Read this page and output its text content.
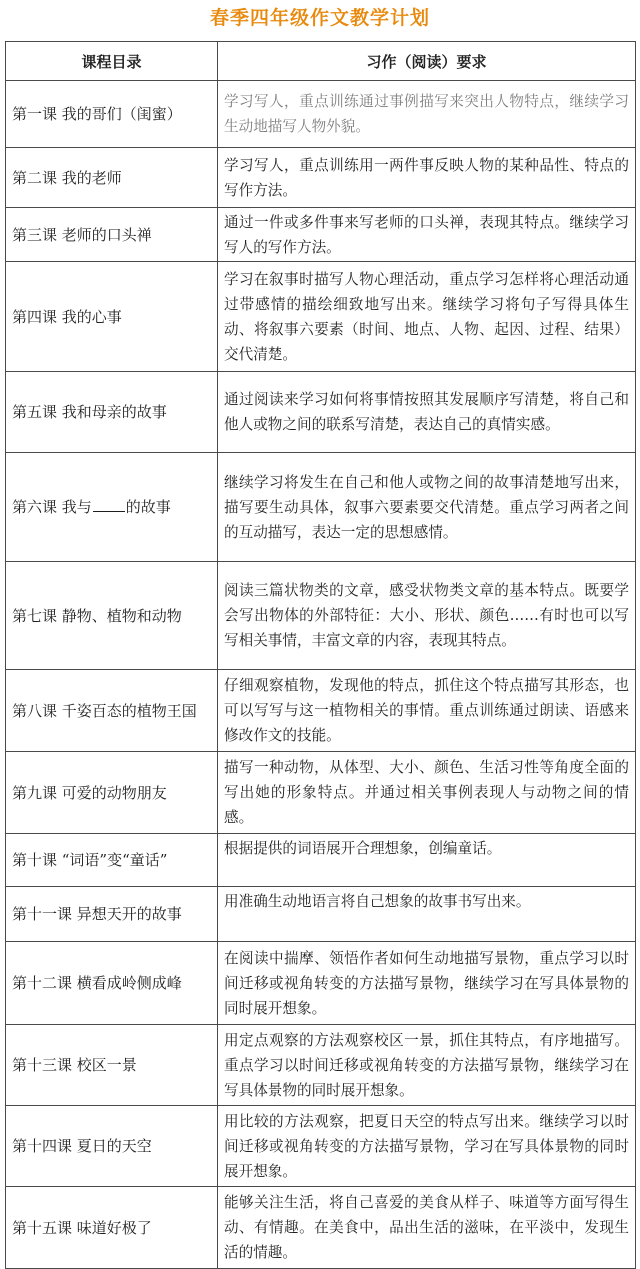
春季四年级作文教学计划
课程目录	习作（阅读）要求
第一课 我的哥们（闺蜜）	学习写人，重点训练通过事例描写来突出人物特点，继续学习生动地描写人物外貌。
第二课 我的老师	学习写人，重点训练用一两件事反映人物的某种品性、特点的写作方法。
第三课 老师的口头禅	通过一件或多件事来写老师的口头禅，表现其特点。继续学习写人的写作方法。
第四课 我的心事	学习在叙事时描写人物心理活动，重点学习怎样将心理活动通过带感情的描绘细致地写出来。继续学习将句子写得具体生动、将叙事六要素（时间、地点、人物、起因、过程、结果）交代清楚。
第五课 我和母亲的故事	通过阅读来学习如何将事情按照其发展顺序写清楚，将自己和他人或物之间的联系写清楚，表达自己的真情实感。
第六课 我与 的故事	继续学习将发生在自己和他人或物之间的故事清楚地写出来，描写要生动具体，叙事六要素要交代清楚。重点学习两者之间的互动描写，表达一定的思想感情。
第七课 静物、植物和动物	阅读三篇状物类的文章，感受状物类文章的基本特点。既要学会写出物体的外部特征：大小、形状、颜色……有时也可以写写相关事情，丰富文章的内容，表现其特点。
第八课 千姿百态的植物王国	仔细观察植物，发现他的特点，抓住这个特点描写其形态，也可以写写与这一植物相关的事情。重点训练通过朗读、语感来修改作文的技能。
第九课 可爱的动物朋友	描写一种动物，从体型、大小、颜色、生活习性等角度全面的写出她的形象特点。并通过相关事例表现人与动物之间的情感。
第十课 “词语”变“童话”	根据提供的词语展开合理想象，创编童话。
第十一课 异想天开的故事	用准确生动地语言将自己想象的故事书写出来。
第十二课 横看成岭侧成峰	在阅读中揣摩、领悟作者如何生动地描写景物，重点学习以时间迁移或视角转变的方法描写景物，继续学习在写具体景物的同时展开想象。
第十三课 校区一景	用定点观察的方法观察校区一景，抓住其特点，有序地描写。重点学习以时间迁移或视角转变的方法描写景物，继续学习在写具体景物的同时展开想象。
第十四课 夏日的天空	用比较的方法观察，把夏日天空的特点写出来。继续学习以时间迁移或视角转变的方法描写景物，学习在写具体景物的同时展开想象。
第十五课 味道好极了	能够关注生活，将自己喜爱的美食从样子、味道等方面写得生动、有情趣。在美食中，品出生活的滋味，在平淡中，发现生活的情趣。
